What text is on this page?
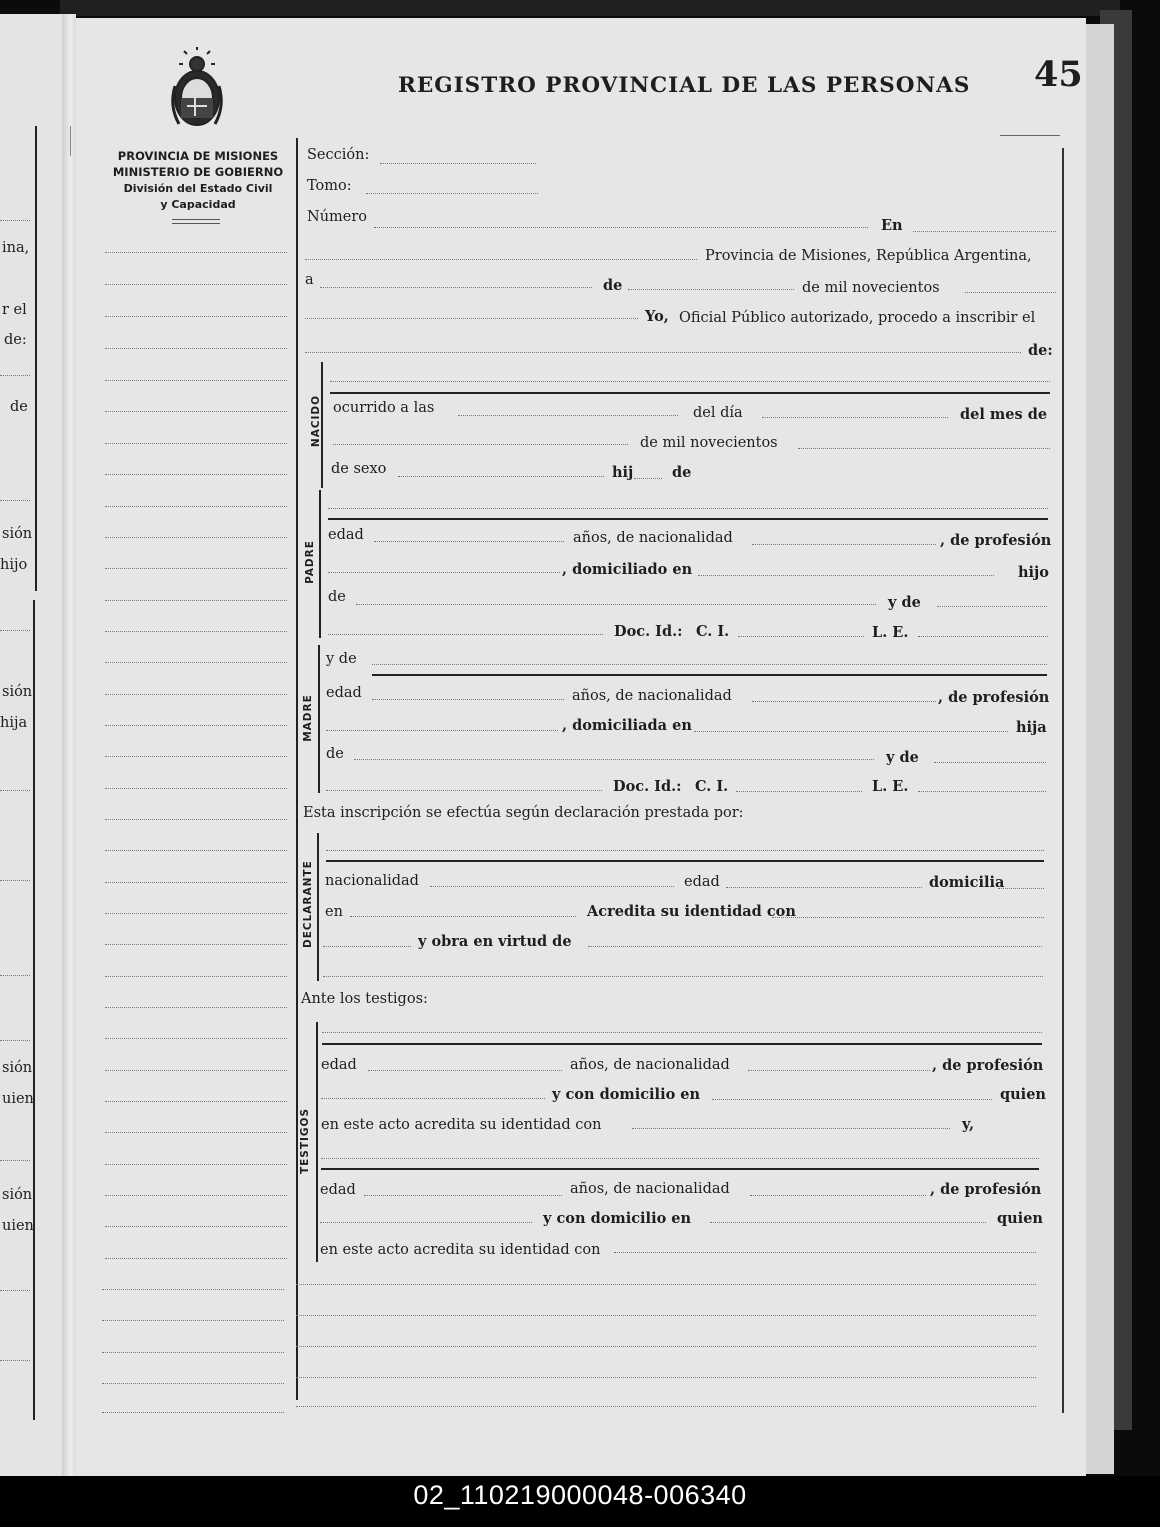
ina,
r el
de:
de
sión
hijo
sión
hija
sión
uien
sión
uien
PROVINCIA DE MISIONES
MINISTERIO DE GOBIERNO
División del Estado Civil
y Capacidad
REGISTRO PROVINCIAL DE LAS PERSONAS 45
Sección:
Tomo:
Número	En
Provincia de Misiones, República Argentina,
a	de	de mil novecientos
Yo, Oficial Público autorizado, procedo a inscribir el
de:
NACIDO ocurrido a las	del día	del mes de
de mil novecientos
de sexo	hij	de
PADRE
edad	años, de nacionalidad	, de profesión
, domiciliado en	hijo
de	y de
Doc. Id.: C. I.	L. E.
MADRE
y de
edad	años, de nacionalidad	, de profesión
, domiciliada en	hija
de	y de
Doc. Id.: C. I.	L. E.
Esta inscripción se efectúa según declaración prestada por:
DECLARANTE nacionalidad	edad	domicilia
en	Acredita su identidad con
y obra en virtud de
Ante los testigos:
TESTIGOS
edad	años, de nacionalidad	, de profesión
y con domicilio en	quien
en este acto acredita su identidad con	y,
edad	años, de nacionalidad	, de profesión
y con domicilio en	quien
en este acto acredita su identidad con
02_110219000048-006340
